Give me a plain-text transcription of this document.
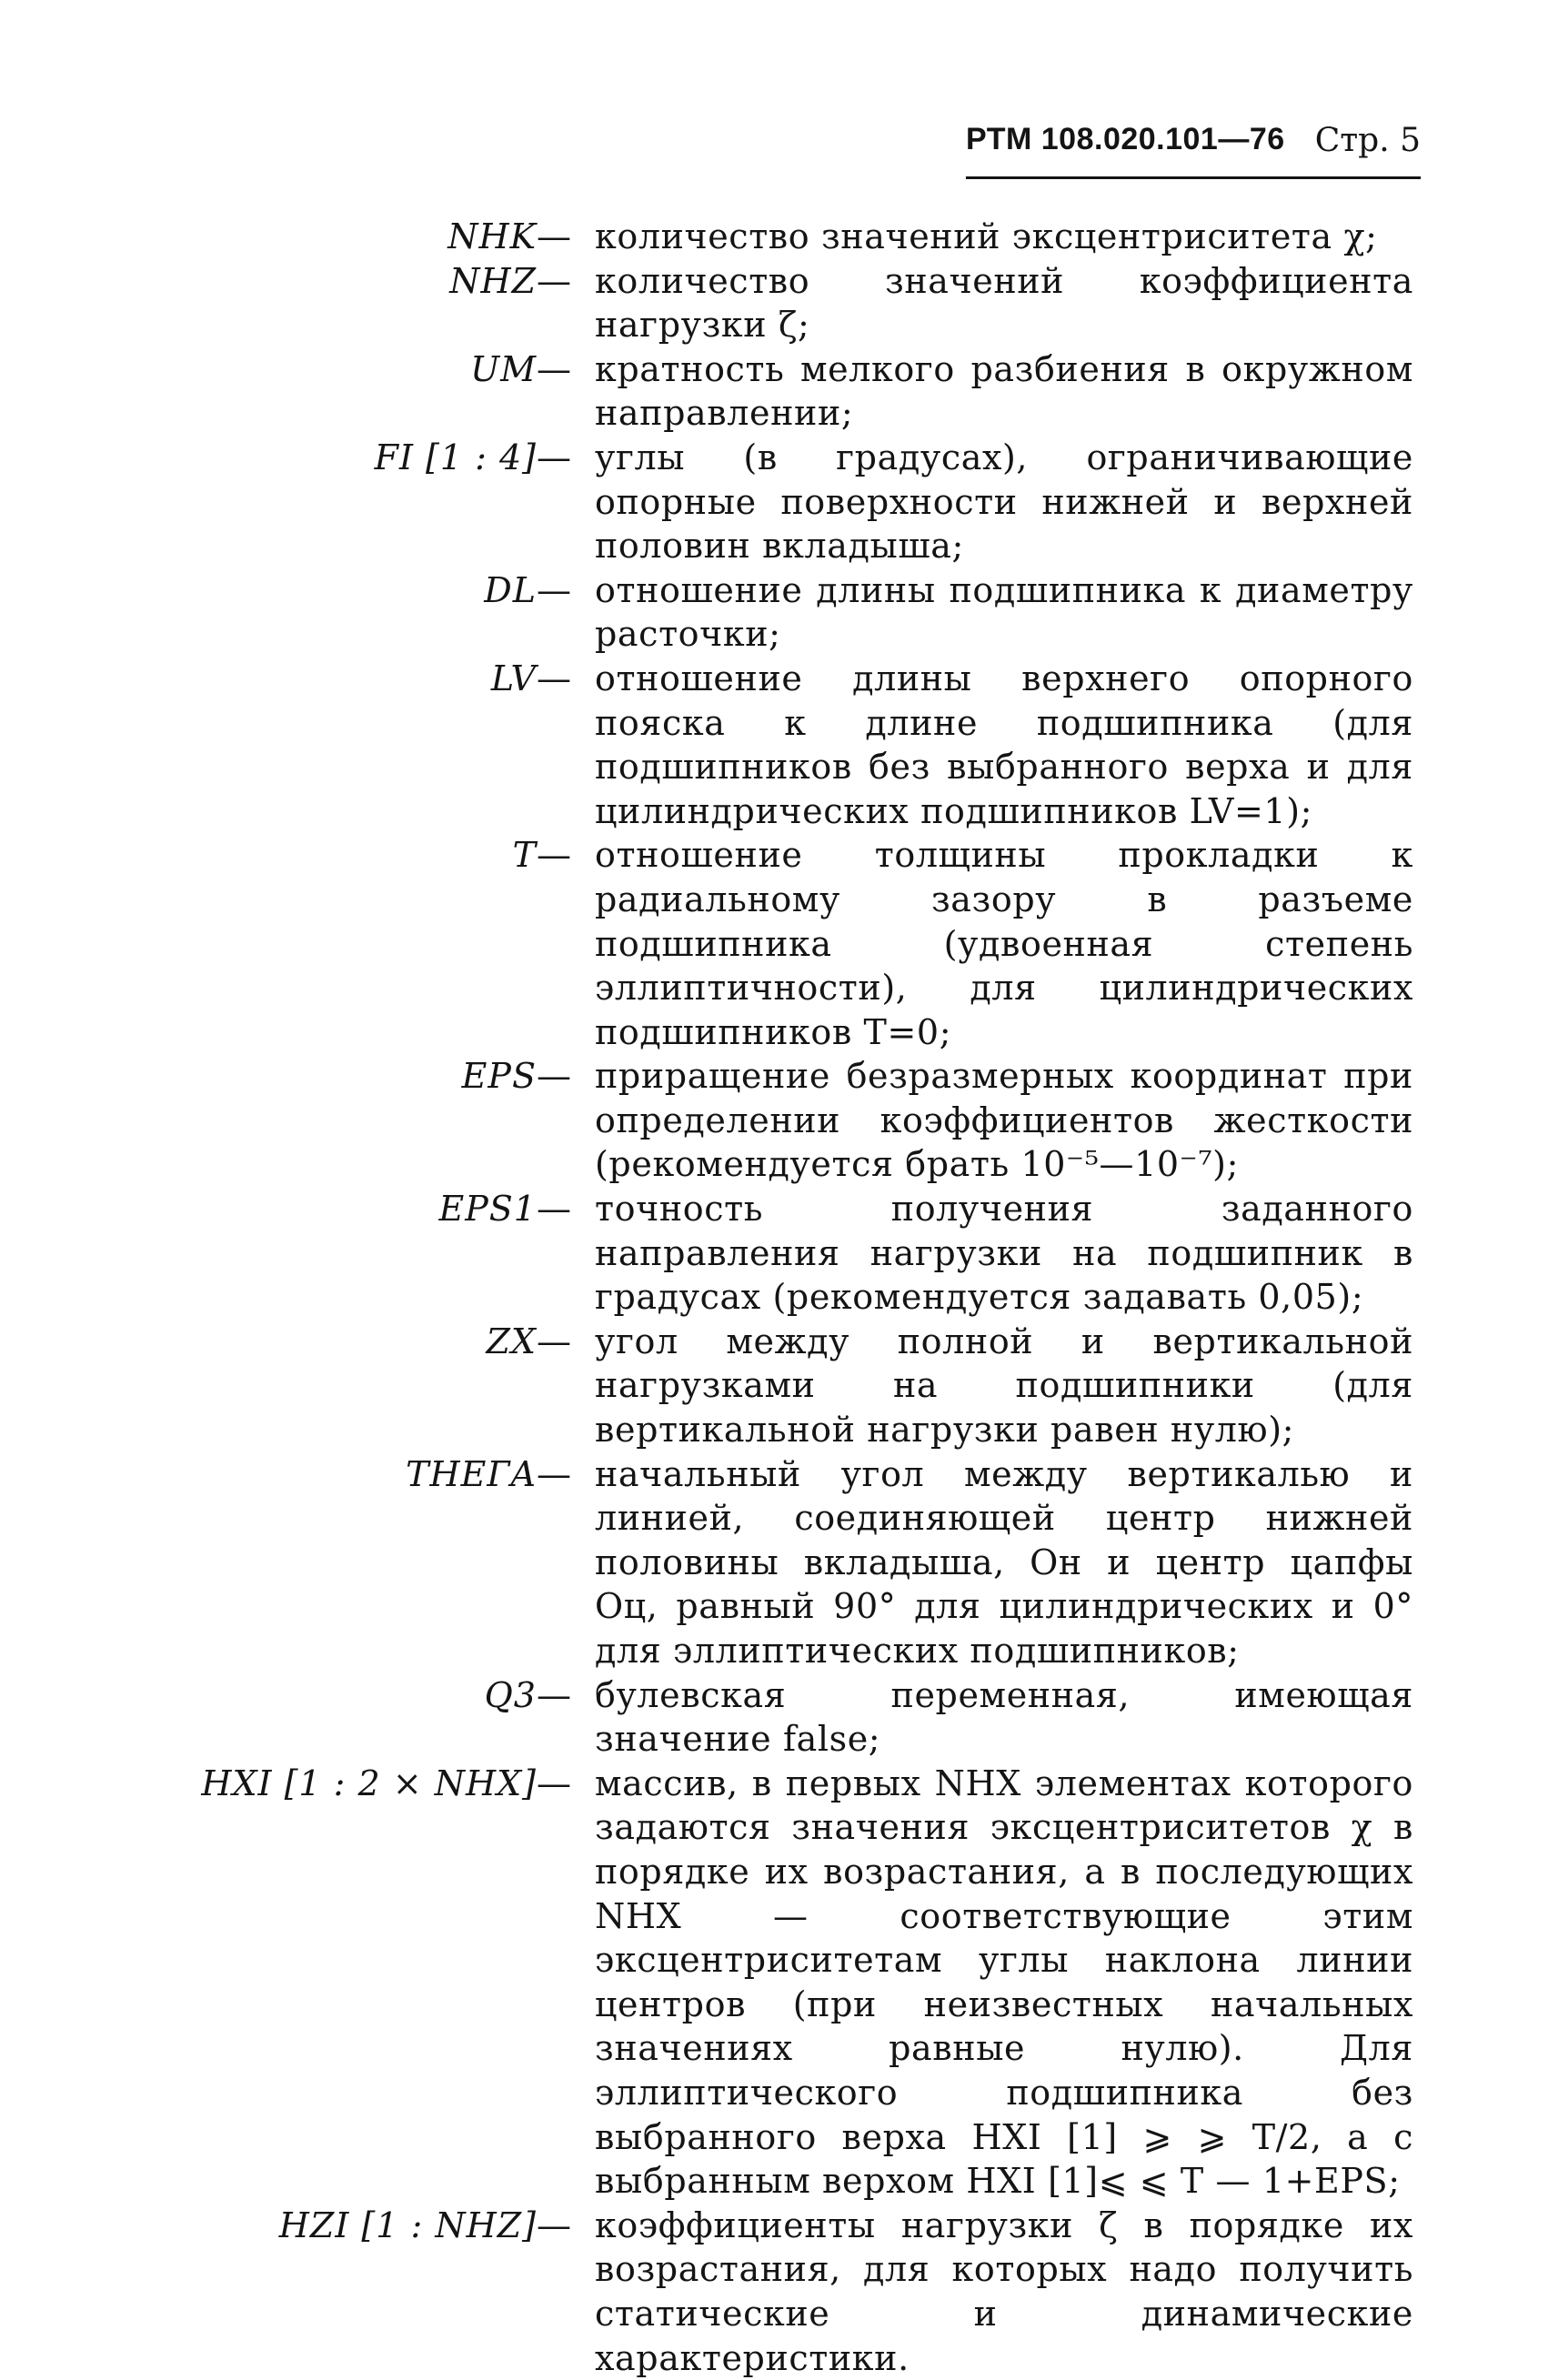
РТМ 108.020.101—76 Стр. 5
NHK — количество значений эксцентриситета χ;
NHZ — количество значений коэффициента нагрузки ζ;
UM — кратность мелкого разбиения в окружном направлении;
FI [1 : 4] — углы (в градусах), ограничивающие опорные поверхности нижней и верхней половин вкладыша;
DL — отношение длины подшипника к диаметру расточки;
LV — отношение длины верхнего опорного пояска к длине подшипника (для подшипников без выбранного верха и для цилиндрических подшипников LV=1);
T — отношение толщины прокладки к радиальному зазору в разъеме подшипника (удвоенная степень эллиптичности), для цилиндрических подшипников T=0;
EPS — приращение безразмерных координат при определении коэффициентов жесткости (рекомендуется брать 10⁻⁵—10⁻⁷);
EPS1 — точность получения заданного направления нагрузки на подшипник в градусах (рекомендуется задавать 0,05);
ZX — угол между полной и вертикальной нагрузками на подшипники (для вертикальной нагрузки равен нулю);
THEГA — начальный угол между вертикалью и линией, соединяющей центр нижней половины вкладыша, Oн и центр цапфы Oц, равный 90° для цилиндрических и 0° для эллиптических подшипников;
Q3 — булевская переменная, имеющая значение false;
HXI [1 : 2 × NHX] — массив, в первых NHX элементах которого задаются значения эксцентриситетов χ в порядке их возрастания, а в последующих NHX — соответствующие этим эксцентриситетам углы наклона линии центров (при неизвестных начальных значениях равные нулю). Для эллиптического подшипника без выбранного верха HXI [1] ⩾ ⩾ T/2, а с выбранным верхом HXI [1]⩽ ⩽ T — 1+EPS;
HZI [1 : NHZ] — коэффициенты нагрузки ζ в порядке их возрастания, для которых надо получить статические и динамические характеристики.
